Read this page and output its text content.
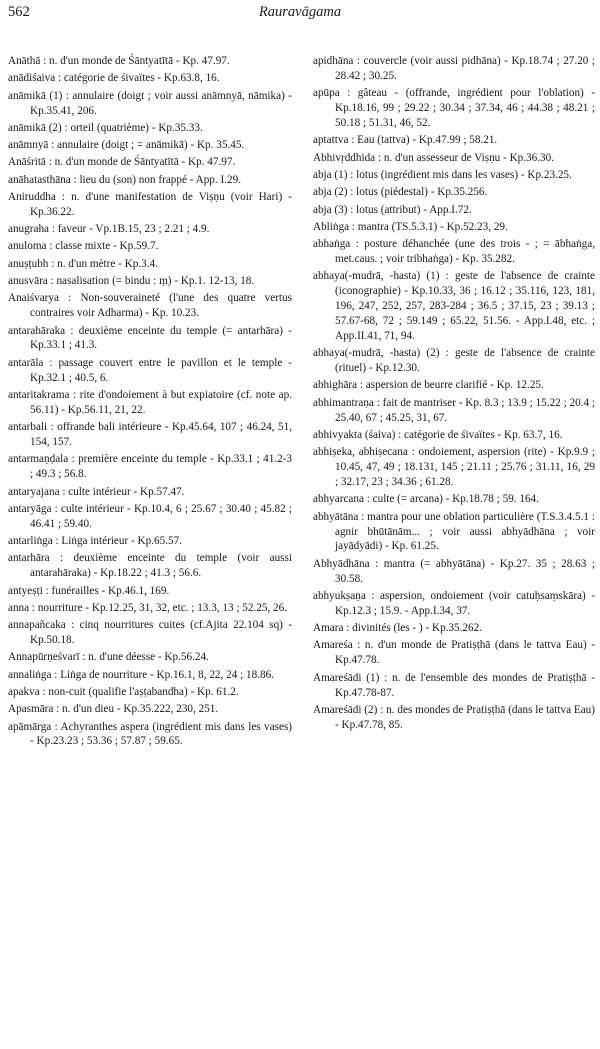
562	Rauravāgama

Anāthā : n. d'un monde de Śāntyatītā - Kp. 47.97.

anādiśaiva : catégorie de śivaïtes - Kp.63.8, 16.

anāmikā (1) : annulaire (doigt ; voir aussi anāmnyā, nāmika) - Kp.35.41, 206.

anāmikā (2) : orteil (quatrième) - Kp.35.33.

anāmnyā : annulaire (doigt ; = anāmikā) - Kp. 35.45.

Anāśritā : n. d'un monde de Śāntyatītā - Kp. 47.97.

anāhatasthāna : lieu du (son) non frappé - App. I.29.

Aniruddha : n. d'une manifestation de Viṣṇu (voir Hari) - Kp.36.22.

anugraha : faveur - Vp.1B.15, 23 ; 2.21 ; 4.9.

anuloma : classe mixte - Kp.59.7.

anuṣṭubh : n. d'un mètre - Kp.3.4.

anusvāra : nasalisation (= bindu : ṃ) - Kp.1. 12-13, 18.

Anaiśvarya : Non-souveraineté (l'une des quatre vertus contraires voir Adharma) - Kp. 10.23.

antarahāraka : deuxième enceinte du temple (= antarhāra) - Kp.33.1 ; 41.3.

antarāla : passage couvert entre le pavillon et le temple - Kp.32.1 ; 40.5, 6.

antaritakrama : rite d'ondoiement à but expiatoire (cf. note ap. 56.11) - Kp.56.11, 21, 22.

antarbali : offrande bali intérieure - Kp.45.64, 107 ; 46.24, 51, 154, 157.

antarmaṇḍala : première enceinte du temple - Kp.33.1 ; 41.2-3 ; 49.3 ; 56.8.

antaryajana : culte intérieur - Kp.57.47.

antaryāga : culte intérieur - Kp.10.4, 6 ; 25.67 ; 30.40 ; 45.82 ; 46.41 ; 59.40.

antarliṅga : Liṅga intérieur - Kp.65.57.

antarhāra : deuxième enceinte du temple (voir aussi antarahāraka) - Kp.18.22 ; 41.3 ; 56.6.

antyeṣṭi : funérailles - Kp.46.1, 169.

anna : nourriture - Kp.12.25, 31, 32, etc. ; 13.3, 13 ; 52.25, 26.

annapañcaka : cinq nourritures cuites (cf.Ajita 22.104 sq) - Kp.50.18.

Annapūrṇeśvarī : n. d'une déesse - Kp.56.24.

annaliṅga : Liṅga de nourriture - Kp.16.1, 8, 22, 24 ; 18.86.

apakva : non-cuit (qualifie l'aṣṭabandha) - Kp. 61.2.

Apasmāra : n. d'un dieu - Kp.35.222, 230, 251.

apāmārga : Achyranthes aspera (ingrédient mis dans les vases) - Kp.23.23 ; 53.36 ; 57.87 ; 59.65.

apidhāna : couvercle (voir aussi pidhāna) - Kp.18.74 ; 27.20 ; 28.42 ; 30.25.

apūpa : gâteau - (offrande, ingrédient pour l'oblation) - Kp.18.16, 99 ; 29.22 ; 30.34 ; 37.34, 46 ; 44.38 ; 48.21 ; 50.18 ; 51.31, 46, 52.

aptattva : Eau (tattva) - Kp.47.99 ; 58.21.

Abhivṛddhida : n. d'un assesseur de Viṣṇu - Kp.36.30.

abja (1) : lotus (ingrédient mis dans les vases) - Kp.23.25.

abja (2) : lotus (piédestal) - Kp.35.256.

abja (3) : lotus (attribut) - App.I.72.

Abliṅga : mantra (TS.5.3.1) - Kp.52.23, 29.

abhaṅga : posture déhanchée (une des trois - ; = ābhaṅga, met.caus. ; voir tribhaṅga) - Kp. 35.282.

abhaya(-mudrā, -hasta) (1) : geste de l'absence de crainte (iconographie) - Kp.10.33, 36 ; 16.12 ; 35.116, 123, 181, 196, 247, 252, 257, 283-284 ; 36.5 ; 37.15, 23 ; 39.13 ; 57.67-68, 72 ; 59.149 ; 65.22, 51.56. - App.I.48, etc. ; App.II.41, 71, 94.

abhaya(-mudrā, -hasta) (2) : geste de l'absence de crainte (rituel) - Kp.12.30.

abhighāra : aspersion de beurre clarifié - Kp. 12.25.

abhimantraṇa : fait de mantriser - Kp. 8.3 ; 13.9 ; 15.22 ; 20.4 ; 25.40, 67 ; 45.25, 31, 67.

abhivyakta (śaiva) : catégorie de śivaïtes - Kp. 63.7, 16.

abhiṣeka, abhiṣecana : ondoiement, aspersion (rite) - Kp.9.9 ; 10.45, 47, 49 ; 18.131, 145 ; 21.11 ; 25.76 ; 31.11, 16, 29 ; 32.17, 23 ; 34.36 ; 61.28.

abhyarcana : culte (= arcana) - Kp.18.78 ; 59. 164.

abhyātāna : mantra pour une oblation particulière (T.S.3.4.5.1 : agnir bhūtānām... ; voir aussi abhyādhāna ; voir jayādyādi) - Kp. 61.25.

Abhyādhāna : mantra (= abhyātāna) - Kp.27. 35 ; 28.63 ; 30.58.

abhyukṣaṇa : aspersion, ondoiement (voir catuḥsaṃskāra) - Kp.12.3 ; 15.9. - App.I.34, 37.

Amara : divinités (les - ) - Kp.35.262.

Amareśa : n. d'un monde de Pratiṣṭhā (dans le tattva Eau) - Kp.47.78.

Amareśādi (1) : n. de l'ensemble des mondes de Pratiṣṭhā - Kp.47.78-87.

Amareśādi (2) : n. des mondes de Pratiṣṭhā (dans le tattva Eau) - Kp.47.78, 85.
